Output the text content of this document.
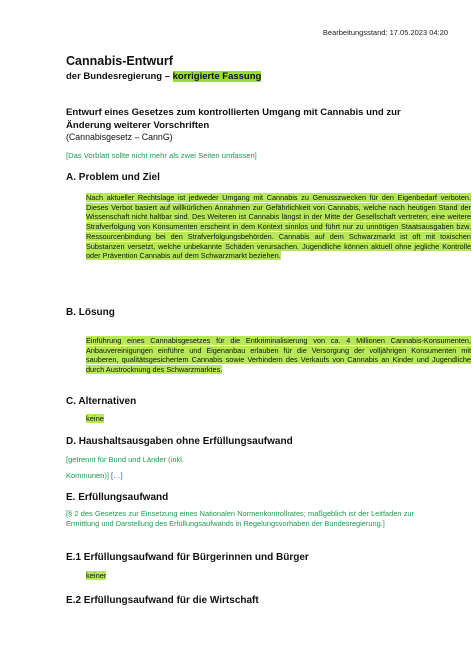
Bearbeitungsstand: 17.05.2023 04:20
Cannabis-Entwurf
der Bundesregierung – korrigierte Fassung
Entwurf eines Gesetzes zum kontrollierten Umgang mit Cannabis und zur Änderung weiterer Vorschriften
(Cannabisgesetz – CannG)
[Das Vorblatt sollte nicht mehr als zwei Seiten umfassen]
A. Problem und Ziel
Nach aktueller Rechtslage ist jedweder Umgang mit Cannabis zu Genusszwecken für den Eigenbedarf verboten. Dieses Verbot basiert auf willkürlichen Annahmen zur Gefährlichkeit von Cannabis, welche nach heutigen Stand der Wissenschaft nicht haltbar sind. Des Weiteren ist Cannabis längst in der Mitte der Gesellschaft vertreten; eine weitere Strafverfolgung von Konsumenten erscheint in dem Kontext sinnlos und führt nur zu unnötigen Staatsausgaben bzw. Ressourcenbindung bei den Strafverfolgungsbehörden. Cannabis auf dem Schwarzmarkt ist oft mit toxischen Substanzen versetzt, welche unbekannte Schäden verursachen. Jugendliche können aktuell ohne jegliche Kontrolle oder Prävention Cannabis auf dem Schwarzmarkt beziehen.
B. Lösung
Einführung eines Cannabisgesetzes für die Entkriminalisierung von ca. 4 Millionen Cannabis-Konsumenten, Anbauvereinigungen einführe und Eigenanbau erlauben für die Versorgung der volljährigen Konsumenten mit sauberen, qualitätsgesichertem Cannabis sowie Verhindern des Verkaufs von Cannabis an Kinder und Jugendliche durch Austrocknung des Schwarzmarktes.
C. Alternativen
keine
D. Haushaltsausgaben ohne Erfüllungsaufwand
[getrennt für Bund und Länder (inkl.
Kommunen)] […]
E. Erfüllungsaufwand
[§ 2 des Gesetzes zur Einsetzung eines Nationalen Normenkontrollrates; maßgeblich ist der Leitfaden zur Ermittlung und Darstellung des Erfüllungsaufwands in Regelungsvorhaben der Bundesregierung.]
E.1 Erfüllungsaufwand für Bürgerinnen und Bürger
keiner
E.2 Erfüllungsaufwand für die Wirtschaft
